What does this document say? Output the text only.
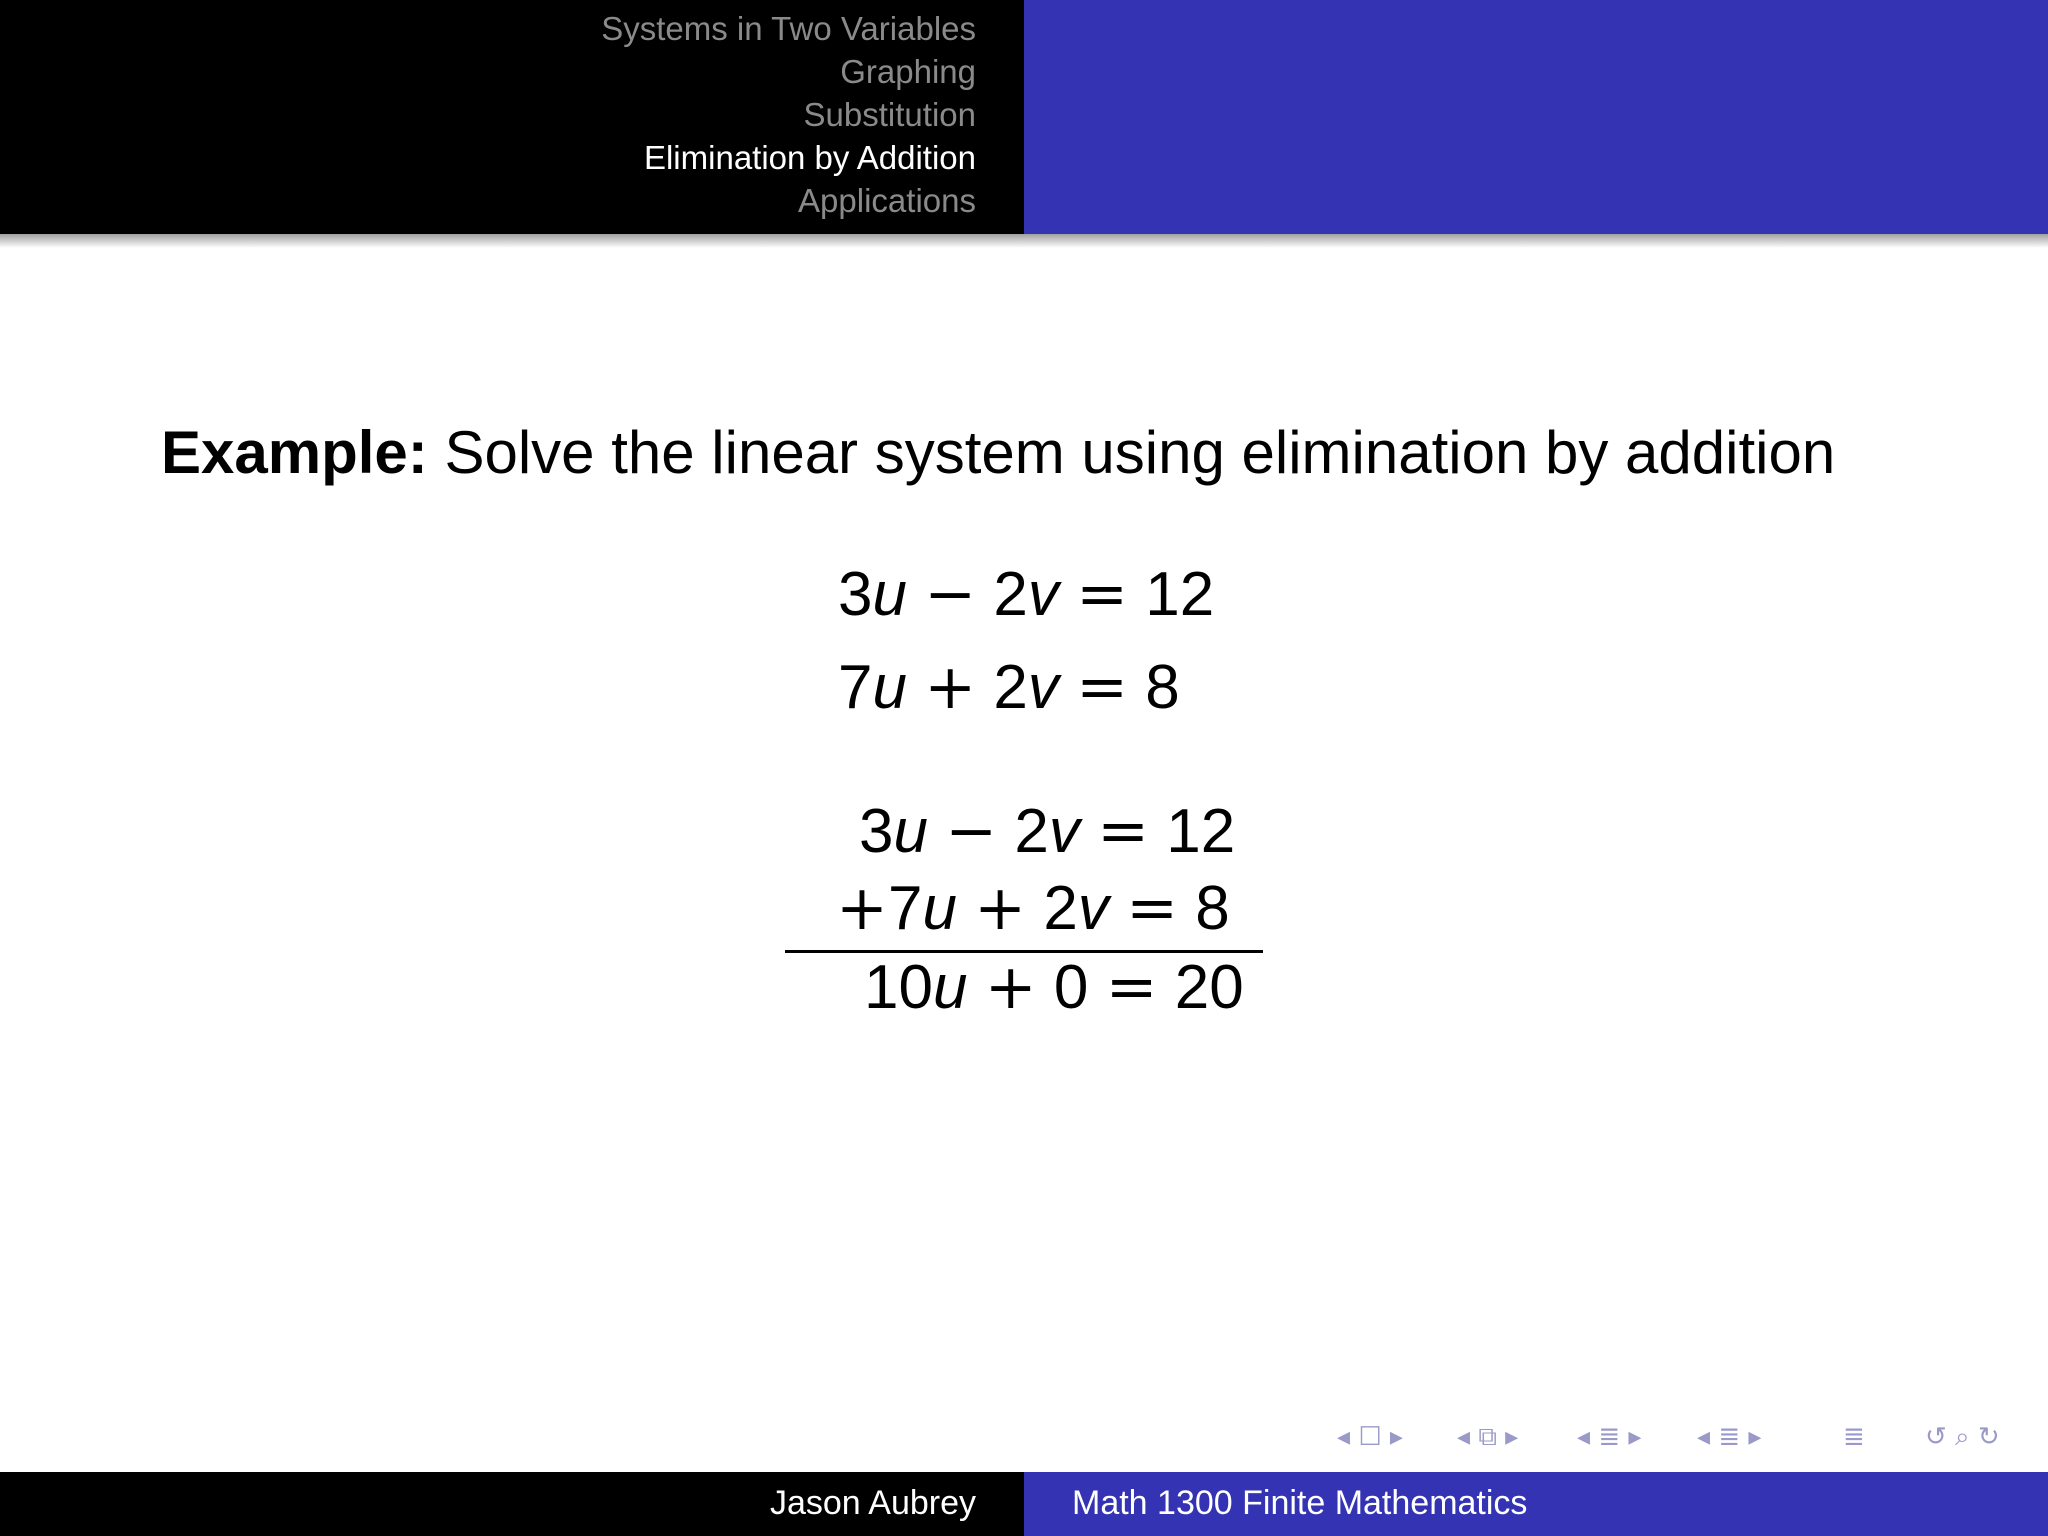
Systems in Two Variables
Graphing
Substitution
Elimination by Addition
Applications
Example: Solve the linear system using elimination by addition
3u − 2v = 12
7u + 2v = 8
3u − 2v = 12
+7u + 2v = 8
10u + 0 = 20
◂ ☐ ▸ ◂ ⧉ ▸ ◂ ≣ ▸ ◂ ≣ ▸	≣ ↺ ⌕ ↻
Jason Aubrey	Math 1300 Finite Mathematics
